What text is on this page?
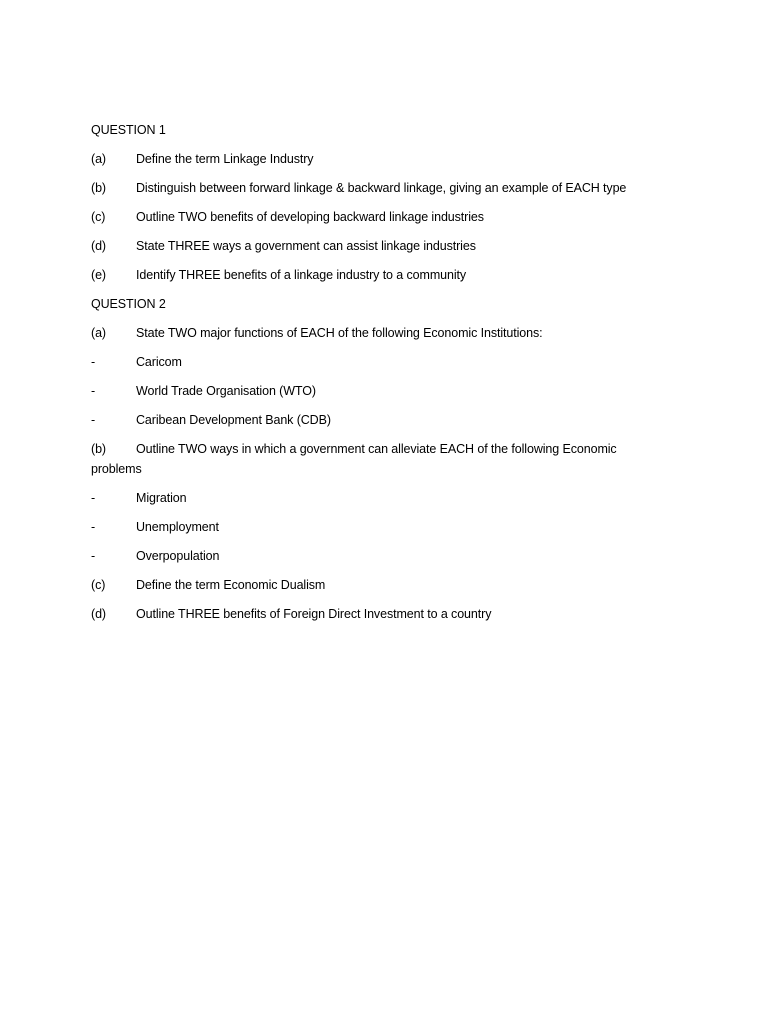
QUESTION 1
(a)	Define the term Linkage Industry
(b)	Distinguish between forward linkage & backward linkage, giving an example of EACH type
(c)	Outline TWO benefits of developing backward linkage industries
(d)	State THREE ways a government can assist linkage industries
(e)	Identify THREE benefits of a linkage industry to a community
QUESTION 2
(a)	State TWO major functions of EACH of the following Economic Institutions:
-	Caricom
-	World Trade Organisation (WTO)
-	Caribean Development Bank (CDB)
(b)	Outline TWO ways in which a government can alleviate EACH of the following Economic
problems
-	Migration
-	Unemployment
-	Overpopulation
(c)	Define the term Economic Dualism
(d)	Outline THREE benefits of Foreign Direct Investment to a country
